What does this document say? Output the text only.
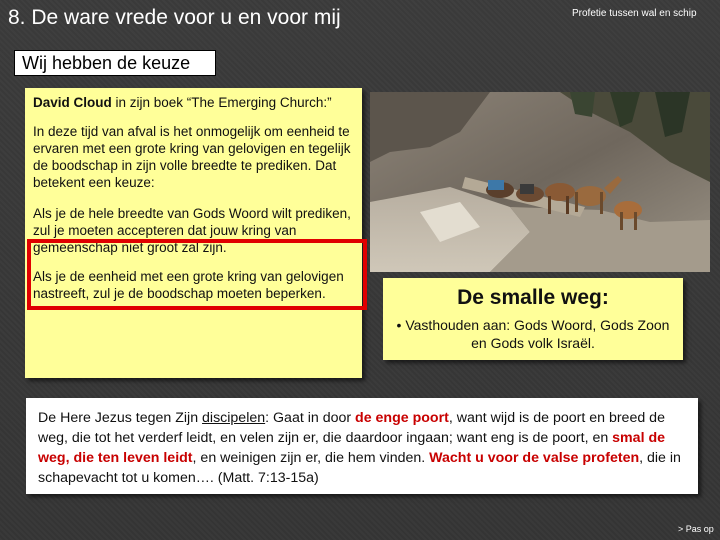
8. De ware vrede voor u en voor mij	Profetie tussen wal en schip
Wij hebben de keuze

David Cloud in zijn boek “The Emerging Church:”

In deze tijd van afval is het onmogelijk om eenheid te ervaren met een grote kring van gelovigen en tegelijk de boodschap in zijn volle breedte te prediken. Dat betekent een keuze:

Als je de hele breedte van Gods Woord wilt prediken, zul je moeten accepteren dat jouw kring van gemeenschap niet groot zal zijn.

Als je de eenheid met een grote kring van gelovigen nastreeft, zul je de boodschap moeten beperken.	De smalle weg:
• Vasthouden aan: Gods Woord, Gods Zoon en Gods volk Israël.
De Here Jezus tegen Zijn discipelen: Gaat in door de enge poort, want wijd is de poort en breed de weg, die tot het verderf leidt, en velen zijn er, die daardoor ingaan; want eng is de poort, en smal de weg, die ten leven leidt, en weinigen zijn er, die hem vinden. Wacht u voor de valse profeten, die in schapevacht tot u komen…. (Matt. 7:13-15a)
> Pas op
